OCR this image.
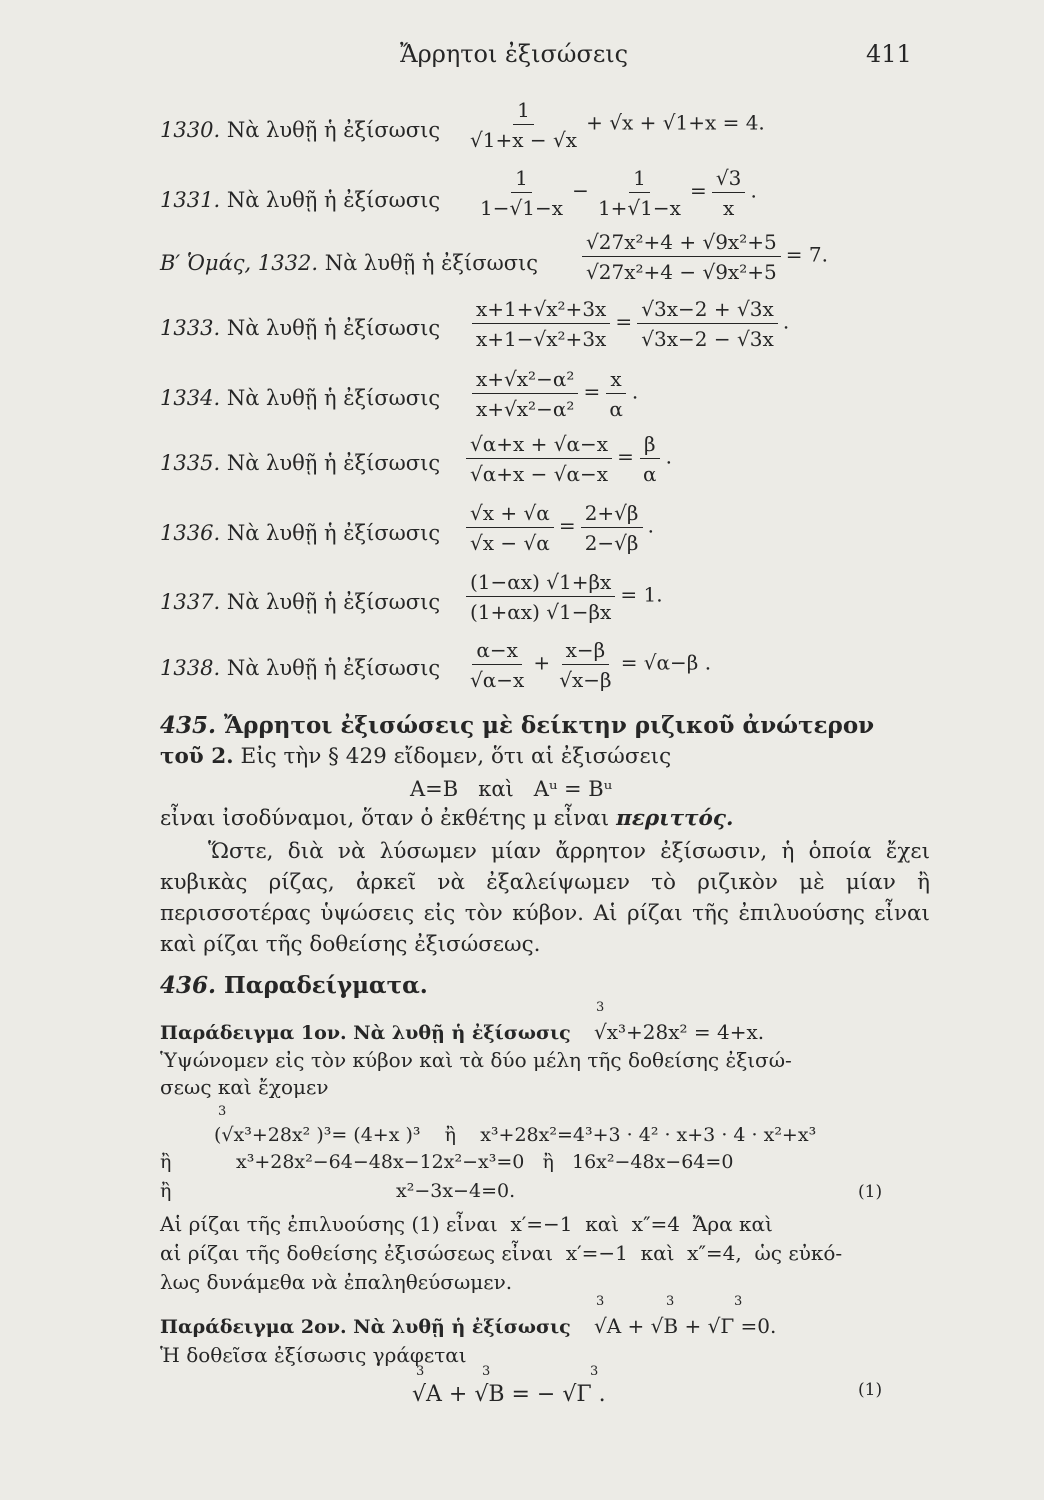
Ἄρρητοι ἐξισώσεις	411
1330. Νὰ λυθῇ ἡ ἐξίσωσις $\frac{1}{√1+x - √x} + √x + √1+x = 4$.
1331. Νὰ λυθῇ ἡ ἐξίσωσις $\frac{1}{1-√1-x} - \frac{1}{1+√1-x} = \frac{√3}{x}$ .
Β′ Ὁμάς, 1332. Νὰ λυθῇ ἡ ἐξίσωσις $\frac{\text{√27x²+4 + √9x²+5}}{\text{√27x²+4 − √9x²+5}} = 7$.
1333. Νὰ λυθῇ ἡ ἐξίσωσις $\frac{\text{x+1+√x²+3x}}{\text{x+1−√x²+3x}} = \frac{√3x-2 + √3x}{√3x-2 - √3x}$ .
1334. Νὰ λυθῇ ἡ ἐξίσωσις $\frac{\text{x+√x²−α²}}{\text{x+√x²−α²}} = \frac{x}{\alpha}$ .
1335. Νὰ λυθῇ ἡ ἐξίσωσις $\frac{√\alpha+x + √\alpha-x}{√\alpha+x - √\alpha-x} = \frac{\beta}{\alpha}$ .
1336. Νὰ λυθῇ ἡ ἐξίσωσις $\frac{√x + √\alpha}{√x - √\alpha} = \frac{2+√\beta}{2-√\beta}$ .
1337. Νὰ λυθῇ ἡ ἐξίσωσις $\frac{(1-\alpha x) √1+\beta x}{(1+\alpha x) √1-\beta x} = 1$.
1338. Νὰ λυθῇ ἡ ἐξίσωσις $\frac{\alpha-x}{√\alpha-x} + \frac{x-\beta}{√x-\beta} = √\alpha-\beta$ .
435. Ἄρρητοι ἐξισώσεις μὲ δείκτην ριζικοῦ ἀνώτερον
τοῦ 2. Εἰς τὴν § 429 εἴδομεν, ὅτι αἱ ἐξισώσεις
Α=Β   καὶ   Αᵘ = Βᵘ
εἶναι ἰσοδύναμοι, ὅταν ὁ ἐκθέτης μ εἶναι περιττός.
Ὥστε, διὰ νὰ λύσωμεν μίαν ἄρρητον ἐξίσωσιν, ἡ ὁποία ἔχει κυβικὰς ρίζας, ἀρκεῖ νὰ ἐξαλείψωμεν τὸ ριζικὸν μὲ μίαν ἢ περισσοτέρας ὑψώσεις εἰς τὸν κύβον. Αἱ ρίζαι τῆς ἐπιλυούσης εἶναι καὶ ρίζαι τῆς δοθείσης ἐξισώσεως.
436. Παραδείγματα.
Παράδειγμα 1ον. Νὰ λυθῇ ἡ ἐξίσωσις
3
√x³+28x² = 4+x.
Ὑψώνομεν εἰς τὸν κύβον καὶ τὰ δύο μέλη τῆς δοθείσης ἐξισώ-
σεως καὶ ἔχομεν
3
(√x³+28x² )³= (4+x )³    ἢ    x³+28x²=4³+3 · 4² · x+3 · 4 · x²+x³
ἢ	x³+28x²−64−48x−12x²−x³=0   ἢ   16x²−48x−64=0
ἢ	x²−3x−4=0.	(1)
Αἱ ρίζαι τῆς ἐπιλυούσης (1) εἶναι  x′=−1  καὶ  x″=4  Ἄρα καὶ
αἱ ρίζαι τῆς δοθείσης ἐξισώσεως εἶναι  x′=−1  καὶ  x″=4,  ὡς εὐκό-
λως δυνάμεθα νὰ ἐπαληθεύσωμεν.
Παράδειγμα 2ον. Νὰ λυθῇ ἡ ἐξίσωσις
3	3	3
√Α + √Β + √Γ =0.
Ἡ δοθεῖσα ἐξίσωσις γράφεται
3	3	3
√Α + √Β = − √Γ .	(1)
